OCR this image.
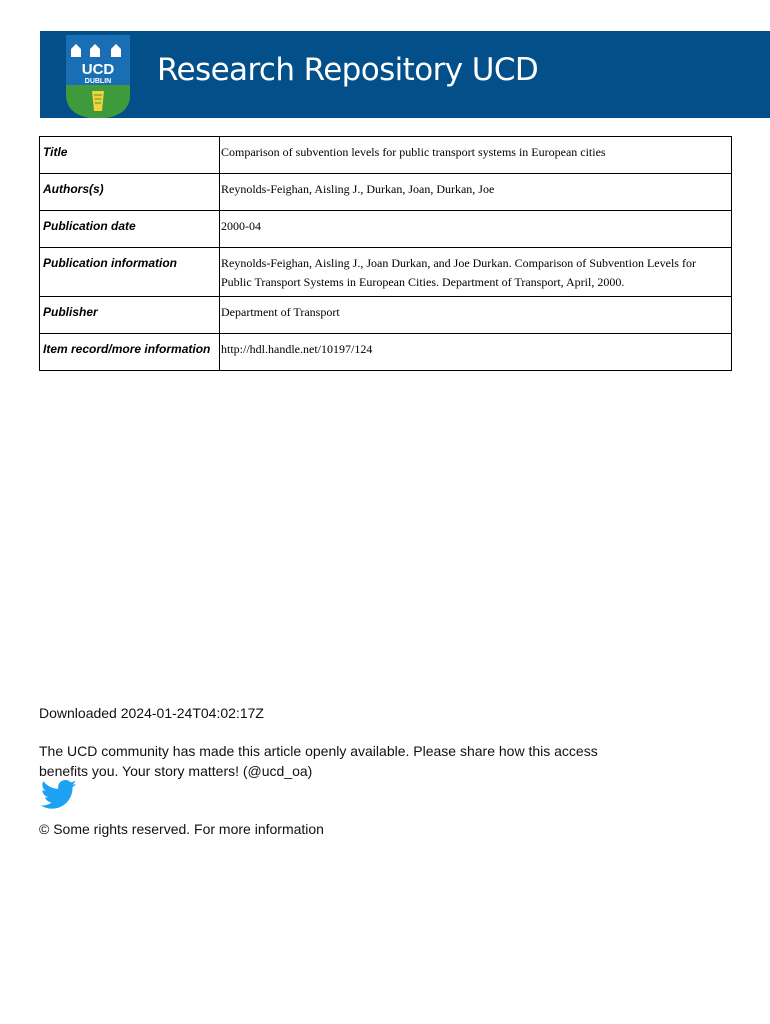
UCD
DUBLIN Research Repository UCD
Title	Comparison of subvention levels for public transport systems in European cities
Authors(s)	Reynolds-Feighan, Aisling J., Durkan, Joan, Durkan, Joe
Publication date	2000-04
Publication information	Reynolds-Feighan, Aisling J., Joan Durkan, and Joe Durkan. Comparison of Subvention Levels for
Public Transport Systems in European Cities. Department of Transport, April, 2000.

Publisher	Department of Transport
Item record/more information	http://hdl.handle.net/10197/124
Downloaded 2024-01-24T04:02:17Z
The UCD community has made this article openly available. Please share how this access
benefits you. Your story matters! (@ucd_oa)
© Some rights reserved. For more information
